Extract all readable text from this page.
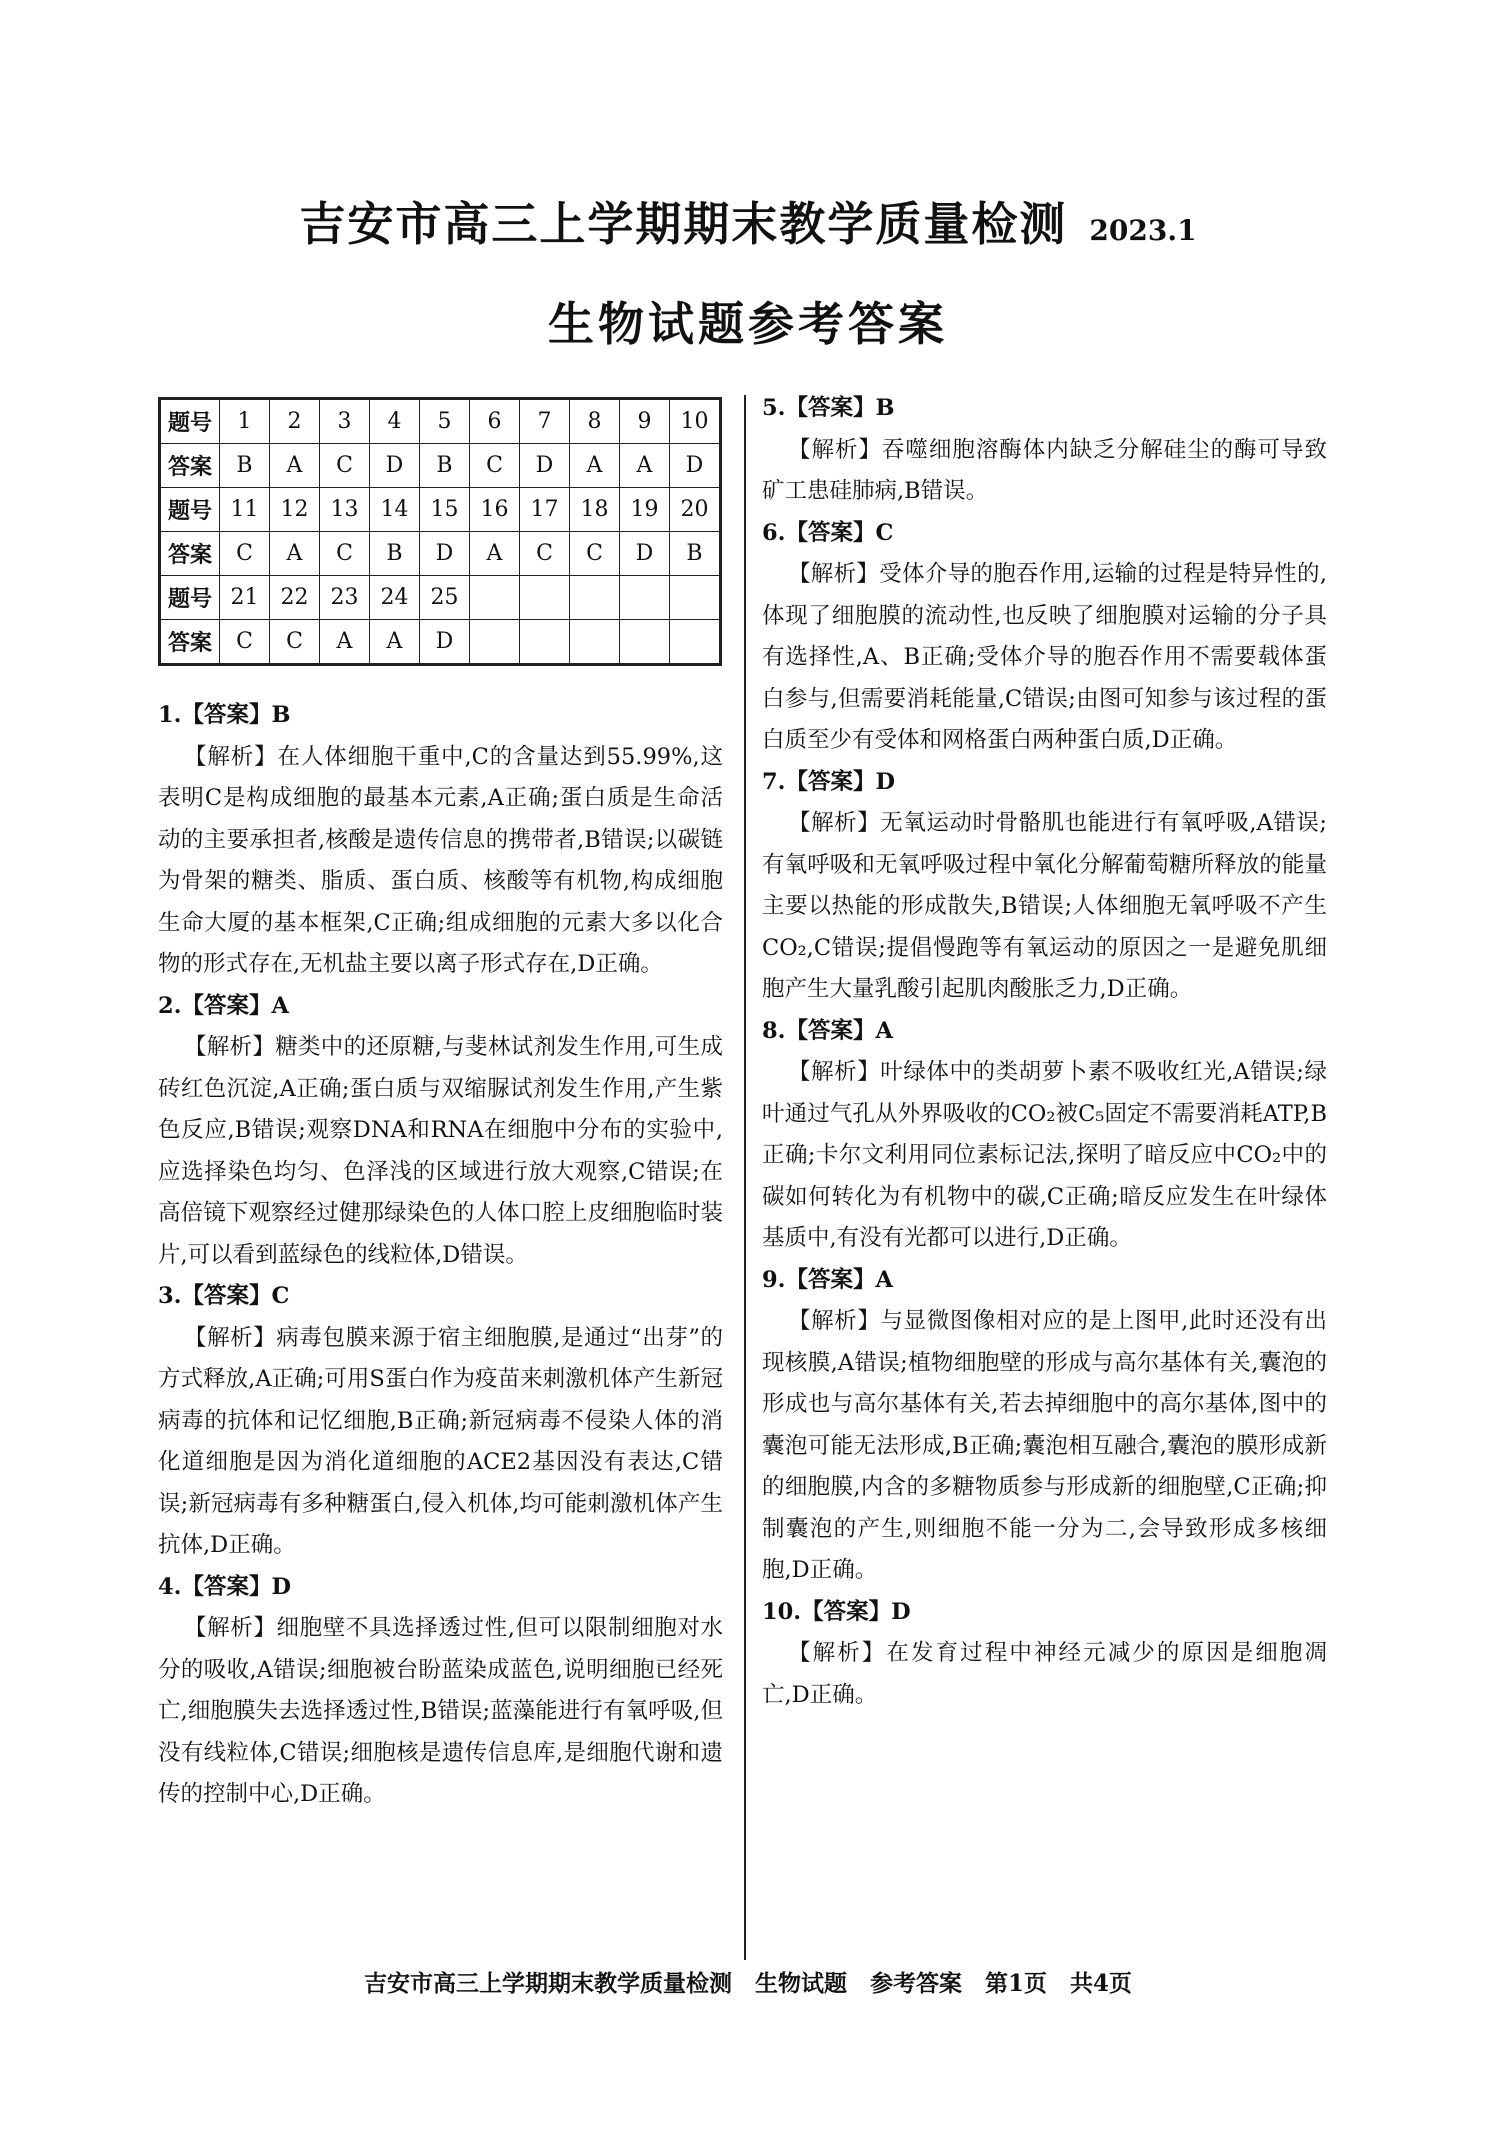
吉安市高三上学期期末教学质量检测 2023.1
生物试题参考答案
题号	1	2	3	4	5	6	7	8	9	10
答案	B	A	C	D	B	C	D	A	A	D
题号	11	12	13	14	15	16	17	18	19	20
答案	C	A	C	B	D	A	C	C	D	B
题号	21	22	23	24	25					
答案	C	C	A	A	D					
1.【答案】B
【解析】在人体细胞干重中,C的含量达到55.99%,这表明C是构成细胞的最基本元素,A正确;蛋白质是生命活动的主要承担者,核酸是遗传信息的携带者,B错误;以碳链为骨架的糖类、脂质、蛋白质、核酸等有机物,构成细胞生命大厦的基本框架,C正确;组成细胞的元素大多以化合物的形式存在,无机盐主要以离子形式存在,D正确。
2.【答案】A
【解析】糖类中的还原糖,与斐林试剂发生作用,可生成砖红色沉淀,A正确;蛋白质与双缩脲试剂发生作用,产生紫色反应,B错误;观察DNA和RNA在细胞中分布的实验中,应选择染色均匀、色泽浅的区域进行放大观察,C错误;在高倍镜下观察经过健那绿染色的人体口腔上皮细胞临时装片,可以看到蓝绿色的线粒体,D错误。
3.【答案】C
【解析】病毒包膜来源于宿主细胞膜,是通过“出芽”的方式释放,A正确;可用S蛋白作为疫苗来刺激机体产生新冠病毒的抗体和记忆细胞,B正确;新冠病毒不侵染人体的消化道细胞是因为消化道细胞的ACE2基因没有表达,C错误;新冠病毒有多种糖蛋白,侵入机体,均可能刺激机体产生抗体,D正确。
4.【答案】D
【解析】细胞壁不具选择透过性,但可以限制细胞对水分的吸收,A错误;细胞被台盼蓝染成蓝色,说明细胞已经死亡,细胞膜失去选择透过性,B错误;蓝藻能进行有氧呼吸,但没有线粒体,C错误;细胞核是遗传信息库,是细胞代谢和遗传的控制中心,D正确。
5.【答案】B
【解析】吞噬细胞溶酶体内缺乏分解硅尘的酶可导致矿工患硅肺病,B错误。
6.【答案】C
【解析】受体介导的胞吞作用,运输的过程是特异性的,体现了细胞膜的流动性,也反映了细胞膜对运输的分子具有选择性,A、B正确;受体介导的胞吞作用不需要载体蛋白参与,但需要消耗能量,C错误;由图可知参与该过程的蛋白质至少有受体和网格蛋白两种蛋白质,D正确。
7.【答案】D
【解析】无氧运动时骨骼肌也能进行有氧呼吸,A错误;有氧呼吸和无氧呼吸过程中氧化分解葡萄糖所释放的能量主要以热能的形成散失,B错误;人体细胞无氧呼吸不产生CO₂,C错误;提倡慢跑等有氧运动的原因之一是避免肌细胞产生大量乳酸引起肌肉酸胀乏力,D正确。
8.【答案】A
【解析】叶绿体中的类胡萝卜素不吸收红光,A错误;绿叶通过气孔从外界吸收的CO₂被C₅固定不需要消耗ATP,B正确;卡尔文利用同位素标记法,探明了暗反应中CO₂中的碳如何转化为有机物中的碳,C正确;暗反应发生在叶绿体基质中,有没有光都可以进行,D正确。
9.【答案】A
【解析】与显微图像相对应的是上图甲,此时还没有出现核膜,A错误;植物细胞壁的形成与高尔基体有关,囊泡的形成也与高尔基体有关,若去掉细胞中的高尔基体,图中的囊泡可能无法形成,B正确;囊泡相互融合,囊泡的膜形成新的细胞膜,内含的多糖物质参与形成新的细胞壁,C正确;抑制囊泡的产生,则细胞不能一分为二,会导致形成多核细胞,D正确。
10.【答案】D
【解析】在发育过程中神经元减少的原因是细胞凋亡,D正确。
吉安市高三上学期期末教学质量检测　生物试题　参考答案　第1页　共4页
